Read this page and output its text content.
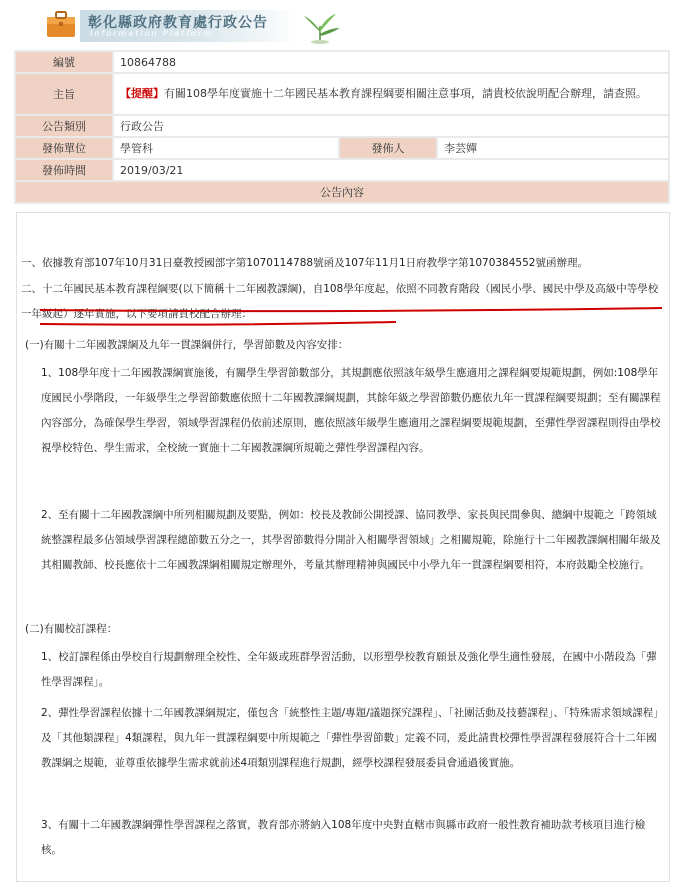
彰化縣政府教育處行政公告
Information Platform
編號	10864788		
主旨	【提醒】有關108學年度實施十二年國民基本教育課程綱要相關注意事項，請貴校依說明配合辦理，請查照。		
公告類別	行政公告		
發佈單位	學管科	發佈人	李芸嬋
發佈時間	2019/03/21		
公告內容			

一、依據教育部107年10月31日臺教授國部字第1070114788號函及107年11月1日府教學字第1070384552號函辦理。

二、十二年國民基本教育課程綱要(以下簡稱十二年國教課綱)，自108學年度起，依照不同教育階段（國民小學、國民中學及高級中等學校一年級起）逐年實施，以下要項請貴校配合辦理：

(一)有關十二年國教課綱及九年一貫課綱併行，學習節數及內容安排：

1、108學年度十二年國教課綱實施後，有關學生學習節數部分，其規劃應依照該年級學生應適用之課程綱要規範規劃，例如:108學年度國民小學階段，一年級學生之學習節數應依照十二年國教課綱規劃，其餘年級之學習節數仍應依九年一貫課程綱要規劃；至有關課程內容部分，為確保學生學習，領域學習課程仍依前述原則，應依照該年級學生應適用之課程綱要規範規劃，至彈性學習課程則得由學校視學校特色、學生需求，全校統一實施十二年國教課綱所規範之彈性學習課程內容。

2、至有關十二年國教課綱中所列相關規劃及要點，例如：校長及教師公開授課、協同教學、家長與民間參與、總綱中規範之「跨領域統整課程最多佔領域學習課程總節數五分之一，其學習節數得分開計入相關學習領域」之相關規範，除施行十二年國教課綱相關年級及其相關教師、校長應依十二年國教課綱相關規定辦理外，考量其辦理精神與國民中小學九年一貫課程綱要相符，本府鼓勵全校施行。

(二)有關校訂課程：

1、校訂課程係由學校自行規劃辦理全校性、全年級或班群學習活動，以形塑學校教育願景及強化學生適性發展，在國中小階段為「彈性學習課程」。

2、彈性學習課程依據十二年國教課綱規定，僅包含「統整性主題/專題/議題探究課程」、「社團活動及技藝課程」、「特殊需求領域課程」及「其他類課程」4類課程，與九年一貫課程綱要中所規範之「彈性學習節數」定義不同，爰此請貴校彈性學習課程發展符合十二年國教課綱之規範，並尊重依據學生需求就前述4項類別課程進行規劃，經學校課程發展委員會通過後實施。

3、有關十二年國教課綱彈性學習課程之落實，教育部亦將納入108年度中央對直轄市與縣市政府一般性教育補助款考核項目進行檢核。
